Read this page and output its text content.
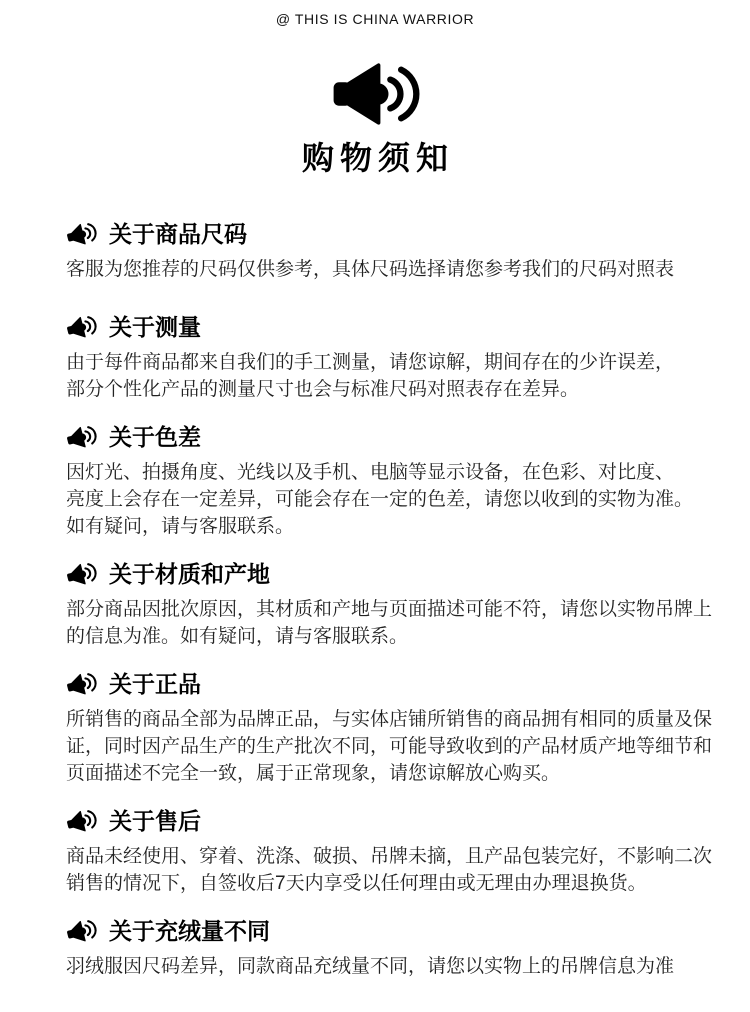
@ THIS IS CHINA WARRIOR
购物须知
关于商品尺码

客服为您推荐的尺码仅供参考，具体尺码选择请您参考我们的尺码对照表

关于测量

由于每件商品都来自我们的手工测量，请您谅解，期间存在的少许误差，

部分个性化产品的测量尺寸也会与标准尺码对照表存在差异。

关于色差

因灯光、拍摄角度、光线以及手机、电脑等显示设备，在色彩、对比度、

亮度上会存在一定差异，可能会存在一定的色差，请您以收到的实物为准。

如有疑问，请与客服联系。

关于材质和产地

部分商品因批次原因，其材质和产地与页面描述可能不符，请您以实物吊牌上

的信息为准。如有疑问，请与客服联系。

关于正品

所销售的商品全部为品牌正品，与实体店铺所销售的商品拥有相同的质量及保

证，同时因产品生产的生产批次不同，可能导致收到的产品材质产地等细节和

页面描述不完全一致，属于正常现象，请您谅解放心购买。

关于售后

商品未经使用、穿着、洗涤、破损、吊牌未摘，且产品包装完好，不影响二次

销售的情况下，自签收后7天内享受以任何理由或无理由办理退换货。

关于充绒量不同

羽绒服因尺码差异，同款商品充绒量不同，请您以实物上的吊牌信息为准
